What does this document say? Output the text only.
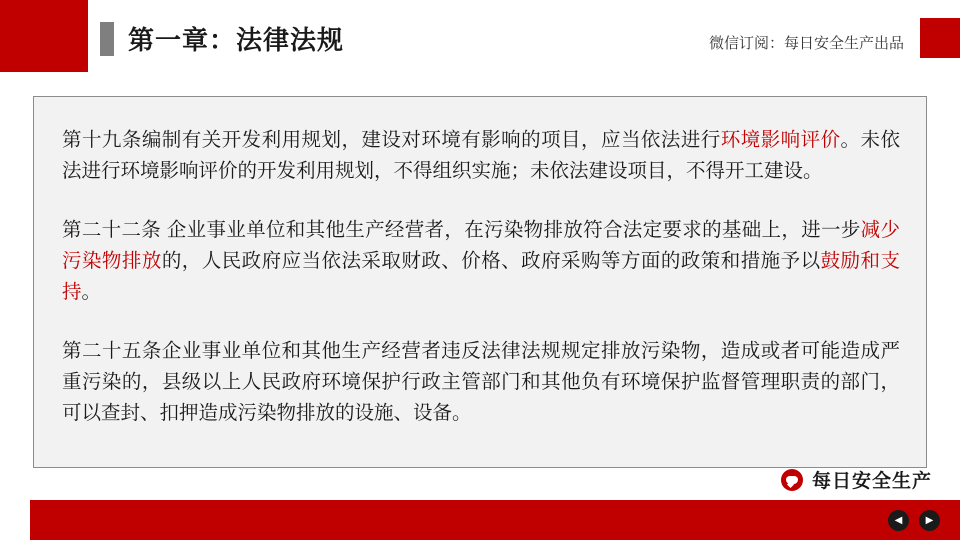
第一章：法律法规	微信订阅：每日安全生产出品
第十九条编制有关开发利用规划，建设对环境有影响的项目，应当依法进行环境影响评价。未依法进行环境影响评价的开发利用规划，不得组织实施；未依法建设项目，不得开工建设。
第二十二条 企业事业单位和其他生产经营者，在污染物排放符合法定要求的基础上，进一步减少污染物排放的，人民政府应当依法采取财政、价格、政府采购等方面的政策和措施予以鼓励和支持。
第二十五条企业事业单位和其他生产经营者违反法律法规规定排放污染物，造成或者可能造成严重污染的，县级以上人民政府环境保护行政主管部门和其他负有环境保护监督管理职责的部门，可以查封、扣押造成污染物排放的设施、设备。
每日安全生产
◀	▶
